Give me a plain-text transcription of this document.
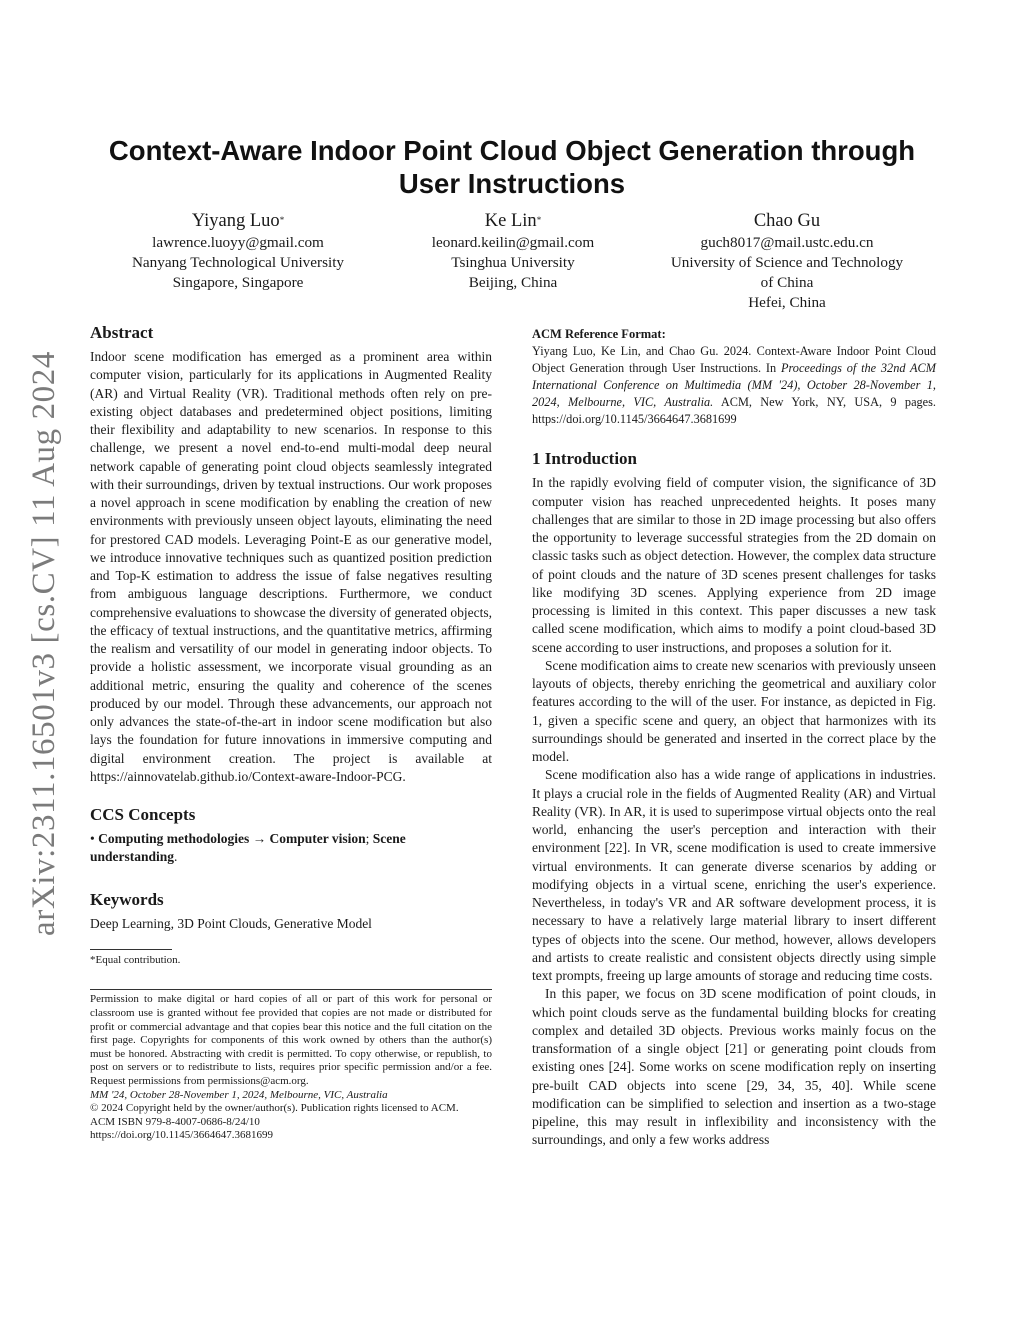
arXiv:2311.16501v3 [cs.CV] 11 Aug 2024
Context-Aware Indoor Point Cloud Object Generation through User Instructions
Yiyang Luo*
lawrence.luoyy@gmail.com
Nanyang Technological University
Singapore, Singapore
Ke Lin*
leonard.keilin@gmail.com
Tsinghua University
Beijing, China
Chao Gu
guch8017@mail.ustc.edu.cn
University of Science and Technology
of China
Hefei, China
Abstract

Indoor scene modification has emerged as a prominent area within computer vision, particularly for its applications in Augmented Reality (AR) and Virtual Reality (VR). Traditional methods often rely on pre-existing object databases and predetermined object positions, limiting their flexibility and adaptability to new scenarios. In response to this challenge, we present a novel end-to-end multi-modal deep neural network capable of generating point cloud objects seamlessly integrated with their surroundings, driven by textual instructions. Our work proposes a novel approach in scene modification by enabling the creation of new environments with previously unseen object layouts, eliminating the need for prestored CAD models. Leveraging Point-E as our generative model, we introduce innovative techniques such as quantized position prediction and Top-K estimation to address the issue of false negatives resulting from ambiguous language descriptions. Furthermore, we conduct comprehensive evaluations to showcase the diversity of generated objects, the efficacy of textual instructions, and the quantitative metrics, affirming the realism and versatility of our model in generating indoor objects. To provide a holistic assessment, we incorporate visual grounding as an additional metric, ensuring the quality and coherence of the scenes produced by our model. Through these advancements, our approach not only advances the state-of-the-art in indoor scene modification but also lays the foundation for future innovations in immersive computing and digital environment creation. The project is available at https://ainnovatelab.github.io/Context-aware-Indoor-PCG.

CCS Concepts

• Computing methodologies → Computer vision; Scene understanding.

Keywords

Deep Learning, 3D Point Clouds, Generative Model

*Equal contribution.
Permission to make digital or hard copies of all or part of this work for personal or classroom use is granted without fee provided that copies are not made or distributed for profit or commercial advantage and that copies bear this notice and the full citation on the first page. Copyrights for components of this work owned by others than the author(s) must be honored. Abstracting with credit is permitted. To copy otherwise, or republish, to post on servers or to redistribute to lists, requires prior specific permission and/or a fee. Request permissions from permissions@acm.org.
MM '24, October 28-November 1, 2024, Melbourne, VIC, Australia
© 2024 Copyright held by the owner/author(s). Publication rights licensed to ACM.
ACM ISBN 979-8-4007-0686-8/24/10
https://doi.org/10.1145/3664647.3681699
ACM Reference Format:

Yiyang Luo, Ke Lin, and Chao Gu. 2024. Context-Aware Indoor Point Cloud Object Generation through User Instructions. In Proceedings of the 32nd ACM International Conference on Multimedia (MM '24), October 28-November 1, 2024, Melbourne, VIC, Australia. ACM, New York, NY, USA, 9 pages. https://doi.org/10.1145/3664647.3681699

1 Introduction

In the rapidly evolving field of computer vision, the significance of 3D computer vision has reached unprecedented heights. It poses many challenges that are similar to those in 2D image processing but also offers the opportunity to leverage successful strategies from the 2D domain on classic tasks such as object detection. However, the complex data structure of point clouds and the nature of 3D scenes present challenges for tasks like modifying 3D scenes. Applying experience from 2D image processing is limited in this context. This paper discusses a new task called scene modification, which aims to modify a point cloud-based 3D scene according to user instructions, and proposes a solution for it.

Scene modification aims to create new scenarios with previously unseen layouts of objects, thereby enriching the geometrical and auxiliary color features according to the will of the user. For instance, as depicted in Fig. 1, given a specific scene and query, an object that harmonizes with its surroundings should be generated and inserted in the correct place by the model.

Scene modification also has a wide range of applications in industries. It plays a crucial role in the fields of Augmented Reality (AR) and Virtual Reality (VR). In AR, it is used to superimpose virtual objects onto the real world, enhancing the user's perception and interaction with their environment [22]. In VR, scene modification is used to create immersive virtual environments. It can generate diverse scenarios by adding or modifying objects in a virtual scene, enriching the user's experience. Nevertheless, in today's VR and AR software development process, it is necessary to have a relatively large material library to insert different types of objects into the scene. Our method, however, allows developers and artists to create realistic and consistent objects directly using simple text prompts, freeing up large amounts of storage and reducing time costs.

In this paper, we focus on 3D scene modification of point clouds, in which point clouds serve as the fundamental building blocks for creating complex and detailed 3D objects. Previous works mainly focus on the transformation of a single object [21] or generating point clouds from existing ones [24]. Some works on scene modification reply on inserting pre-built CAD objects into scene [29, 34, 35, 40]. While scene modification can be simplified to selection and insertion as a two-stage pipeline, this may result in inflexibility and inconsistency with the surroundings, and only a few works address
